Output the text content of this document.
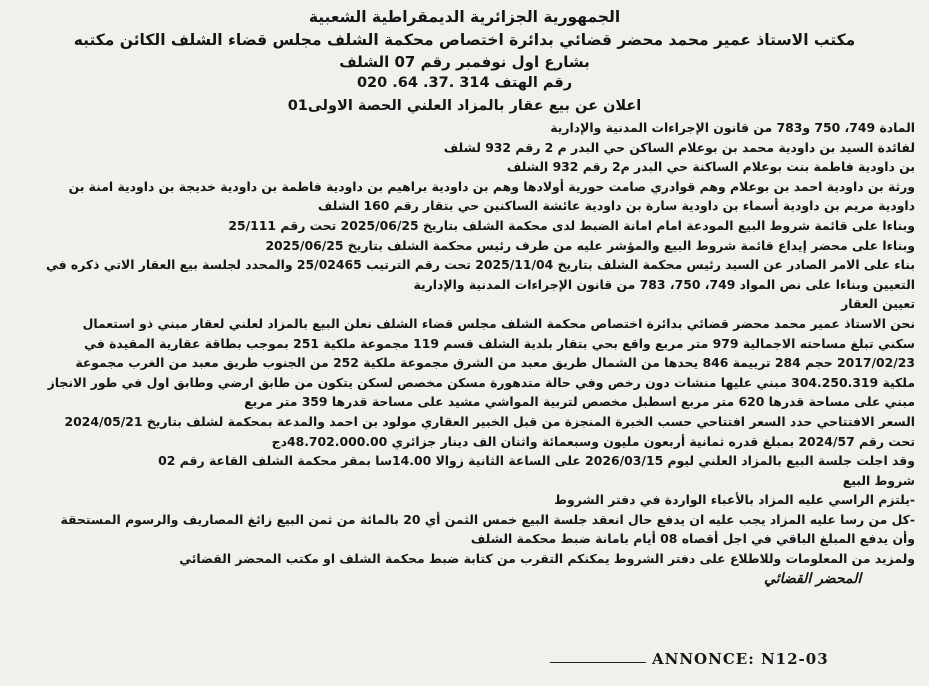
الجمهورية الجزائرية الديمقراطية الشعبية
مكتب الاستاذ عمير محمد محضر قضائي بدائرة اختصاص محكمة الشلف مجلس قضاء الشلف الكائن مكتبه
بشارع اول نوفمبر رقم 07 الشلف
رقم الهتف 314 .37. 64. 020
اعلان عن بيع عقار بالمزاد العلني الحصة الاولى01

المادة 749، 750 و783 من قانون الإجراءات المدنية والإدارية

لفائدة السيد بن داودية محمد بن بوعلام الساكن حي البدر م 2 رقم 932 لشلف

بن داودية فاطمة بنت بوعلام الساكنة حي البدر م2 رقم 932 الشلف

ورثة بن داودية احمد بن بوعلام وهم قوادري صامت حورية أولادها وهم بن داودية براهيم بن داودية فاطمة بن داودية خديجة بن داودية امنة بن

داودية مريم بن داودية أسماء بن داودية سارة بن داودية عائشة الساكنين حي بتقار رقم 160 الشلف

وبناءا على قائمة شروط البيع المودعة امام امانة الضبط لدى محكمة الشلف بتاريخ 2025/06/25 تحت رقم 25/111

وبناءا على محضر إيداع قائمة شروط البيع والمؤشر عليه من طرف رئيس محكمة الشلف بتاريخ 2025/06/25

بناء على الامر الصادر عن السيد رئيس محكمة الشلف بتاريخ 2025/11/04 تحت رقم الترتيب 25/02465 والمحدد لجلسة بيع العقار الاتي ذكره في

التعيين وبناءا على نص المواد 749، 750، 783 من قانون الإجراءات المدنية والإدارية

تعيين العقار

نحن الاستاذ عمير محمد محضر قضائي بدائرة اختصاص محكمة الشلف مجلس قضاء الشلف نعلن البيع بالمزاد لعلني لعقار مبني ذو استعمال

سكني تبلغ مساحته الاجمالية 979 متر مربع واقع بحي بتقار بلدية الشلف قسم 119 مجموعة ملكية 251 بموجب بطاقة عقارية المقيدة في

2017/02/23 حجم 284 ترييمة 846 يحدها من الشمال طريق معبد من الشرق مجموعة ملكية 252 من الجنوب طريق معبد من الغرب مجموعة

ملكية 304.250.319 مبني عليها منشات دون رخص وفي حالة متدهورة مسكن مخصص لسكن يتكون من طابق ارضي وطابق اول في طور الانجاز

مبني على مساحة قدرها 620 متر مربع اسطبل مخصص لتربية المواشي مشيد على مساحة قدرها 359 متر مربع

السعر الافتتاحي حدد السعر افتتاحي حسب الخبرة المنجزة من قبل الخبير العقاري مولود بن احمد والمدعة بمحكمة لشلف بتاريخ 2024/05/21

تحت رقم 2024/57 بمبلغ قدره ثمانية أربعون مليون وسبعمائة واثنان الف دينار جزائري 48.702.000.00دج

وقد اجلت جلسة البيع بالمزاد العلني ليوم 2026/03/15 على الساعة الثانية زوالا 14.00سا بمقر محكمة الشلف القاعة رقم 02

شروط البيع

-يلتزم الراسي عليه المزاد بالأعباء الواردة في دفتر الشروط

-كل من رسا عليه المزاد يجب عليه ان يدفع حال انعقد جلسة البيع خمس الثمن أي 20 بالمائة من ثمن البيع زائغ المصاريف والرسوم المستحقة

وأن يدفع المبلغ الباقي في اجل أقصاه 08 أيام بامانة ضبط محكمة الشلف

ولمزيد من المعلومات وللاطلاع على دفتر الشروط يمكنكم التقرب من كتابة ضبط محكمة الشلف او مكتب المحضر القضائي

المحضر القضائي
ANNONCE: N12-03
